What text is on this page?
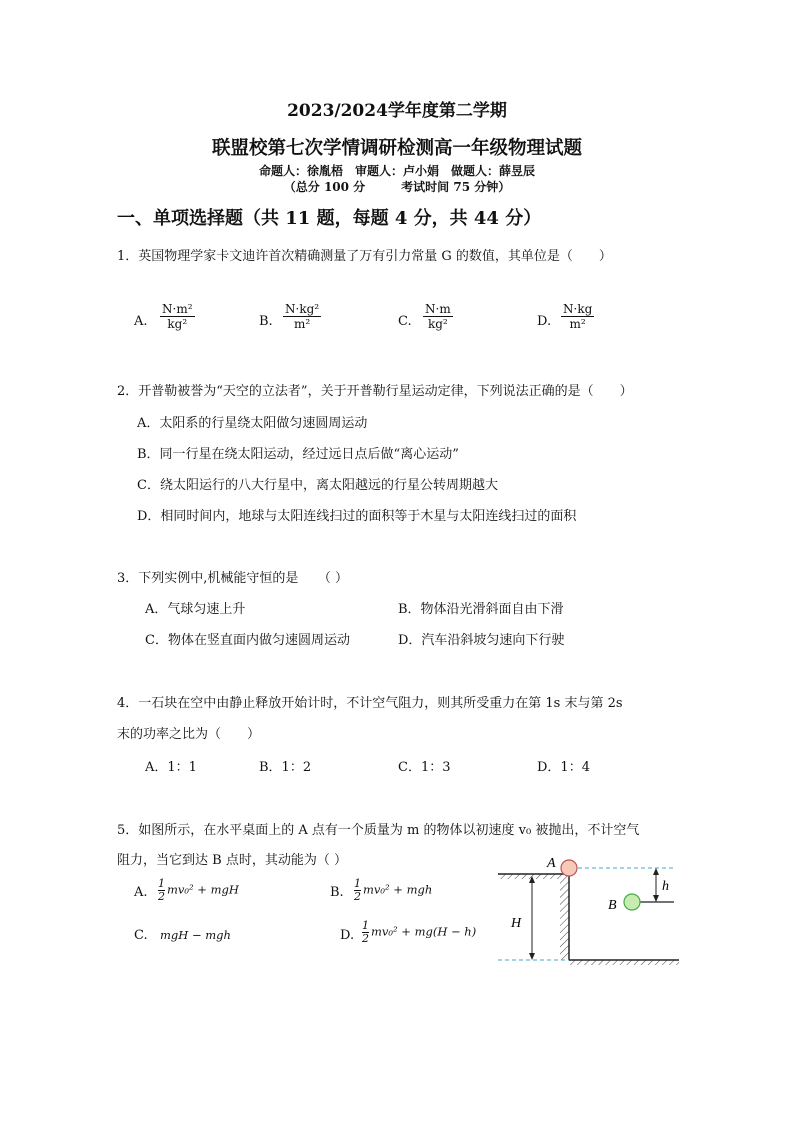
2023/2024学年度第二学期
联盟校第七次学情调研检测高一年级物理试题
命题人：徐胤梧　审题人：卢小娟　做题人：薛昱辰
（总分 100 分　　　考试时间 75 分钟）
一、单项选择题（共 11 题，每题 4 分，共 44 分）
1．英国物理学家卡文迪许首次精确测量了万有引力常量 G 的数值，其单位是（　　）
A.
N·m²
kg²	B.
N·kg²
m²	C.
N·m
kg²	D.
N·kg
m²
2．开普勒被誉为“天空的立法者”，关于开普勒行星运动定律，下列说法正确的是（　　）
A．太阳系的行星绕太阳做匀速圆周运动
B．同一行星在绕太阳运动，经过远日点后做“离心运动”
C．绕太阳运行的八大行星中，离太阳越远的行星公转周期越大
D．相同时间内，地球与太阳连线扫过的面积等于木星与太阳连线扫过的面积
3．下列实例中,机械能守恒的是　　（ ）
A．气球匀速上升	B．物体沿光滑斜面自由下滑
C．物体在竖直面内做匀速圆周运动	D．汽车沿斜坡匀速向下行驶
4．一石块在空中由静止释放开始计时，不计空气阻力，则其所受重力在第 1s 末与第 2s
末的功率之比为（　　）
A．1：1	B．1：2	C．1：3	D．1：4
5．如图所示，在水平桌面上的 A 点有一个质量为 m 的物体以初速度 v₀ 被抛出，不计空气
阻力，当它到达 B 点时，其动能为（ ）
A. $\frac{1}{2} mv_0^2$ + mgH	B. $\frac{1}{2} mv_0^2$ + mgh
C. mgH − mgh	D. $\frac{1}{2} mv_0^2 + mg(H - h)$
A
B
H
h
